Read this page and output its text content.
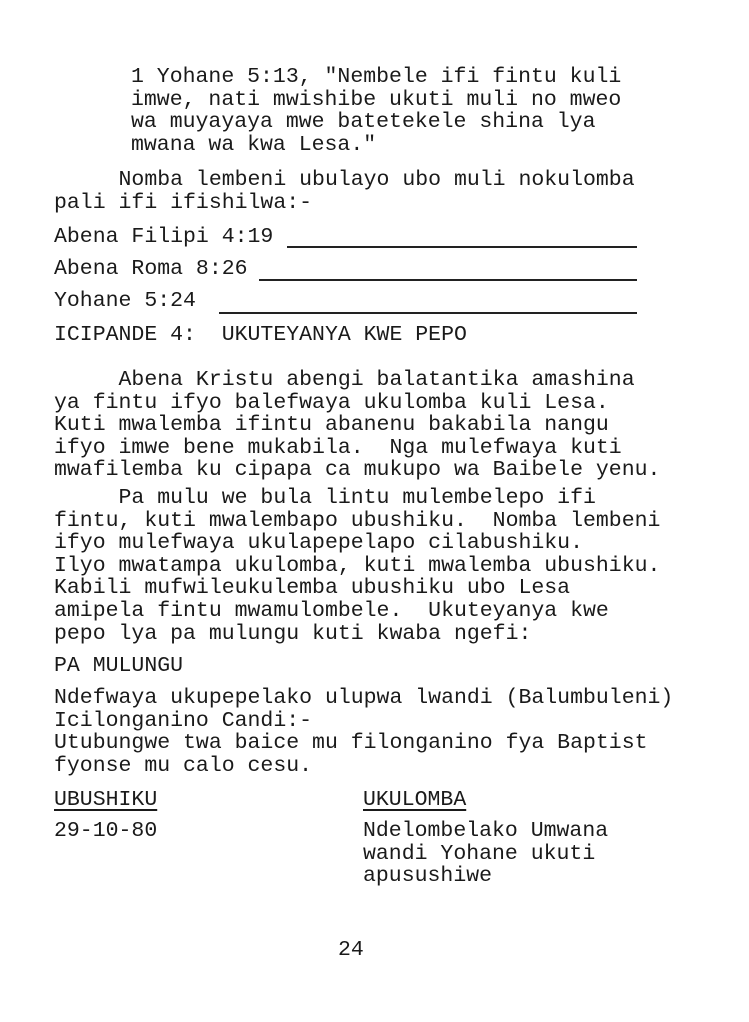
1 Yohane 5:13, "Nembele ifi fintu kuli
imwe, nati mwishibe ukuti muli no mweo
wa muyayaya mwe batetekele shina lya
mwana wa kwa Lesa."
Nomba lembeni ubulayo ubo muli nokulomba
pali ifi ifishilwa:-
Abena Filipi 4:19
Abena Roma 8:26
Yohane 5:24
ICIPANDE 4:  UKUTEYANYA KWE PEPO
Abena Kristu abengi balatantika amashina
ya fintu ifyo balefwaya ukulomba kuli Lesa.
Kuti mwalemba ifintu abanenu bakabila nangu
ifyo imwe bene mukabila.  Nga mulefwaya kuti
mwafilemba ku cipapa ca mukupo wa Baibele yenu.
Pa mulu we bula lintu mulembelepo ifi
fintu, kuti mwalembapo ubushiku.  Nomba lembeni
ifyo mulefwaya ukulapepelapo cilabushiku.
Ilyo mwatampa ukulomba, kuti mwalemba ubushiku.
Kabili mufwileukulemba ubushiku ubo Lesa
amipela fintu mwamulombele.  Ukuteyanya kwe
pepo lya pa mulungu kuti kwaba ngefi:
PA MULUNGU
Ndefwaya ukupepelako ulupwa lwandi (Balumbuleni)
Icilonganino Candi:-
Utubungwe twa baice mu filonganino fya Baptist
fyonse mu calo cesu.
UBUSHIKU	UKULOMBA
29-10-80	Ndelombelako Umwana
wandi Yohane ukuti
apusushiwe
24
